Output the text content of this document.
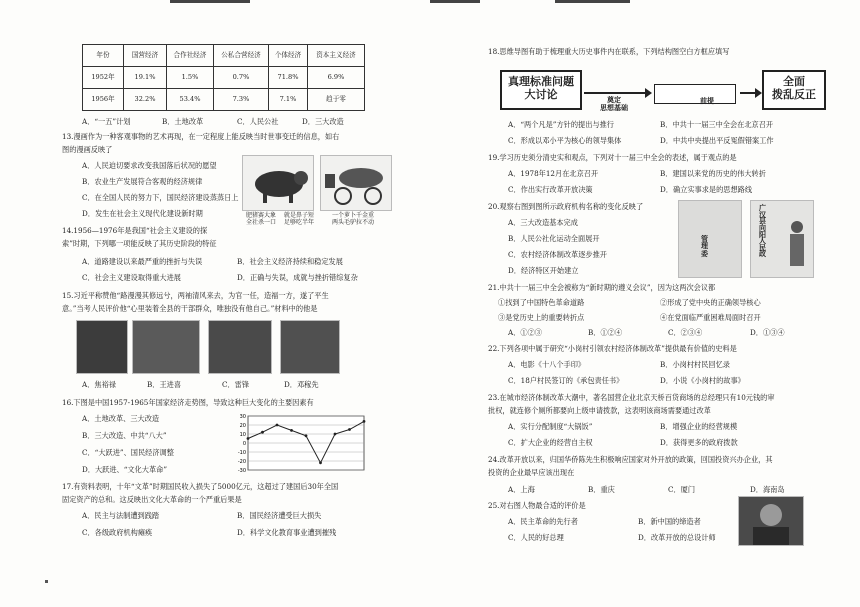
年份	国营经济	合作社经济	公私合营经济	个体经济	资本主义经济
1952年	19.1%	1.5%	0.7%	71.8%	6.9%
1956年	32.2%	53.4%	7.3%	7.1%	趋于零
A．“一五”计划	B．土地改革	C．人民公社	D．三大改造
13.漫画作为一种客观事物的艺术再现，在一定程度上能反映当时世事变迁的信息，如右
图的漫画反映了
A．人民迫切要求改变我国落后状况的愿望
B．农业生产发展符合客观的经济规律
C．在全国人民的努力下，国民经济建设蒸蒸日上
D．发生在社会主义现代化建设新时期	肥猪赛大象
全社杀一口
就是鼻子短
足够吃半年
一个萝卜千金重
两头毛驴拉不动
14.1956—1976年是我国“社会主义建设的探
索”时期，下列哪一项能反映了其历史阶段的特征
A．道路建设以来最严重的挫折与失误	B．社会主义经济持续和稳定发展
C．社会主义建设取得重大进展	D．正确与失误，成就与挫折错综复杂
15.习近平称赞他“路漫漫其修远兮，两袖清风来去，为官一任，造福一方，遂了平生
意。”当考人民评价他“心里装着全县的干部群众，唯独没有他自己。”材料中的他是
A．焦裕禄	B．王进喜	C．雷锋	D．邓稼先
16.下图是中国1957-1965年国家经济走势图，导致这种巨大变化的主要因素有
A．土地改革、三大改造
B．三大改造、中共“八大”
C．“大跃进”、国民经济调整
D．大跃进、“文化大革命”
30
20
10
0
-10
-20
-30
17.有资料表明，十年“文革”时期国民收入损失了5000亿元，这超过了建国后30年全国
固定资产的总和。这反映出文化大革命的一个严重后果是
A．民主与法制遭到践踏	B．国民经济遭受巨大损失
C．各级政府机构瘫痪	D．科学文化教育事业遭到摧残
18.思维导图有助于梳理重大历史事件内在联系，下列结构图空白方框应填写
真理标准问题
大讨论	奠定
思想基础
前提
全面
拨乱反正
A．“两个凡是”方针的提出与推行	B．中共十一届三中全会在北京召开
C．形成以邓小平为核心的领导集体	D．中共中央提出平反冤假错案工作
19.学习历史须分清史实和观点，下列对十一届三中全会的表述，属于观点的是
A．1978年12月在北京召开	B．建国以来党的历史的伟大转折
C．作出实行改革开放决策	D．确立实事求是的思想路线
20.观察右图到图所示政府机构名称的变化反映了
A．三大改造基本完成
B．人民公社化运动全面展开
C．农村经济体制改革逐步推开
D．经济特区开始建立
管
理
委
广
汉
县
向
阳
人
民
政
21.中共十一届三中全会被称为“新时期的遵义会议”，因为这两次会议都
①找到了中国特色革命道路	②形成了党中央的正确领导核心
③是党历史上的重要转折点	④在党面临严重困难局面时召开
A．①②③	B．①②④	C．②③④	D．①③④
22.下列各项中属于研究“小岗村引领农村经济体制改革”提供最有价值的史料是
A．电影《十八个手印》	B．小岗村村民回忆录
C．18户村民签订的《承包责任书》	D．小说《小岗村的故事》
23.在城市经济体制改革大潮中，著名国营企业北京天桥百货商场的总经理只有10元钱的审
批权，就连修个厕所都要向上级申请拨款，这表明该商场需要通过改革
A．实行分配制度“大锅饭”	B．增强企业的经营规模
C．扩大企业的经营自主权	D．获得更多的政府拨款
24.改革开放以来，归国华侨陈先生积极响应国家对外开放的政策，回国投资兴办企业，其
投资的企业最早应该出现在
A．上海	B．重庆	C．厦门	D．海南岛
25.对右图人物最合适的评价是
A．民主革命的先行者	B．新中国的缔造者
C．人民的好总理	D．改革开放的总设计师
